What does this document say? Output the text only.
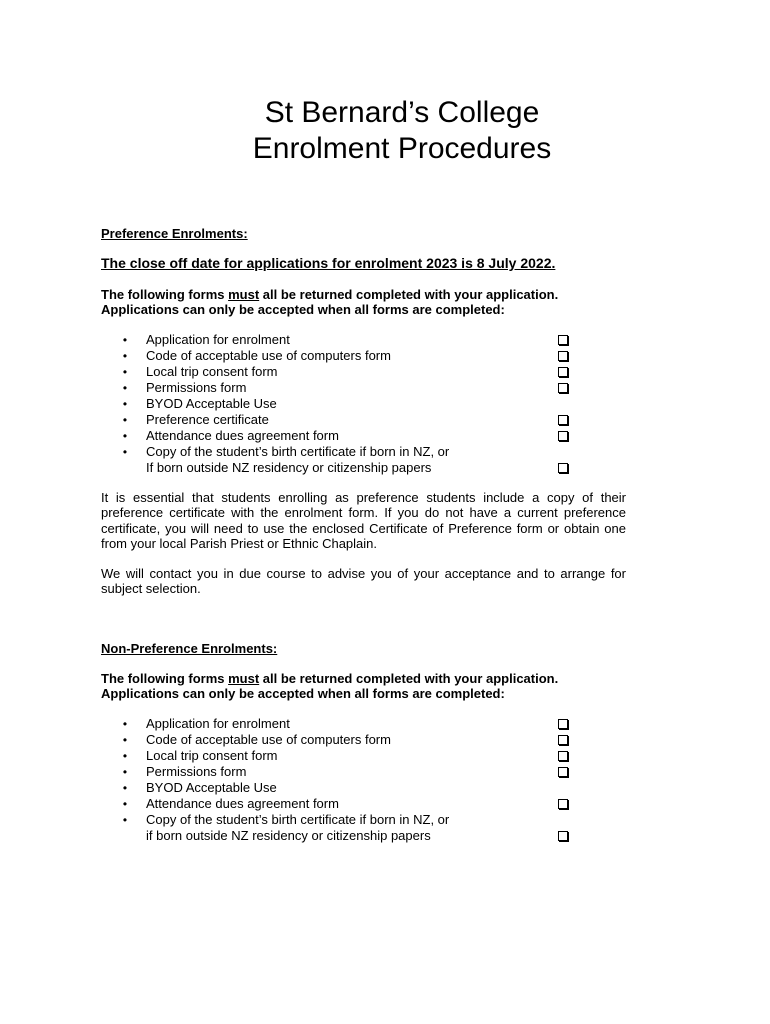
St Bernard’s College
Enrolment Procedures
Preference Enrolments:
The close off date for applications for enrolment 2023 is 8 July 2022.
The following forms must all be returned completed with your application.
Applications can only be accepted when all forms are completed:
• Application for enrolment
• Code of acceptable use of computers form
• Local trip consent form
• Permissions form
• BYOD Acceptable Use
• Preference certificate
• Attendance dues agreement form
• Copy of the student’s birth certificate if born in NZ, or
If born outside NZ residency or citizenship papers

It is essential that students enrolling as preference students include a copy of their preference certificate with the enrolment form. If you do not have a current preference certificate, you will need to use the enclosed Certificate of Preference form or obtain one from your local Parish Priest or Ethnic Chaplain.

We will contact you in due course to advise you of your acceptance and to arrange for subject selection.

Non-Preference Enrolments:
The following forms must all be returned completed with your application.
Applications can only be accepted when all forms are completed:
• Application for enrolment
• Code of acceptable use of computers form
• Local trip consent form
• Permissions form
• BYOD Acceptable Use
• Attendance dues agreement form
• Copy of the student’s birth certificate if born in NZ, or
if born outside NZ residency or citizenship papers
